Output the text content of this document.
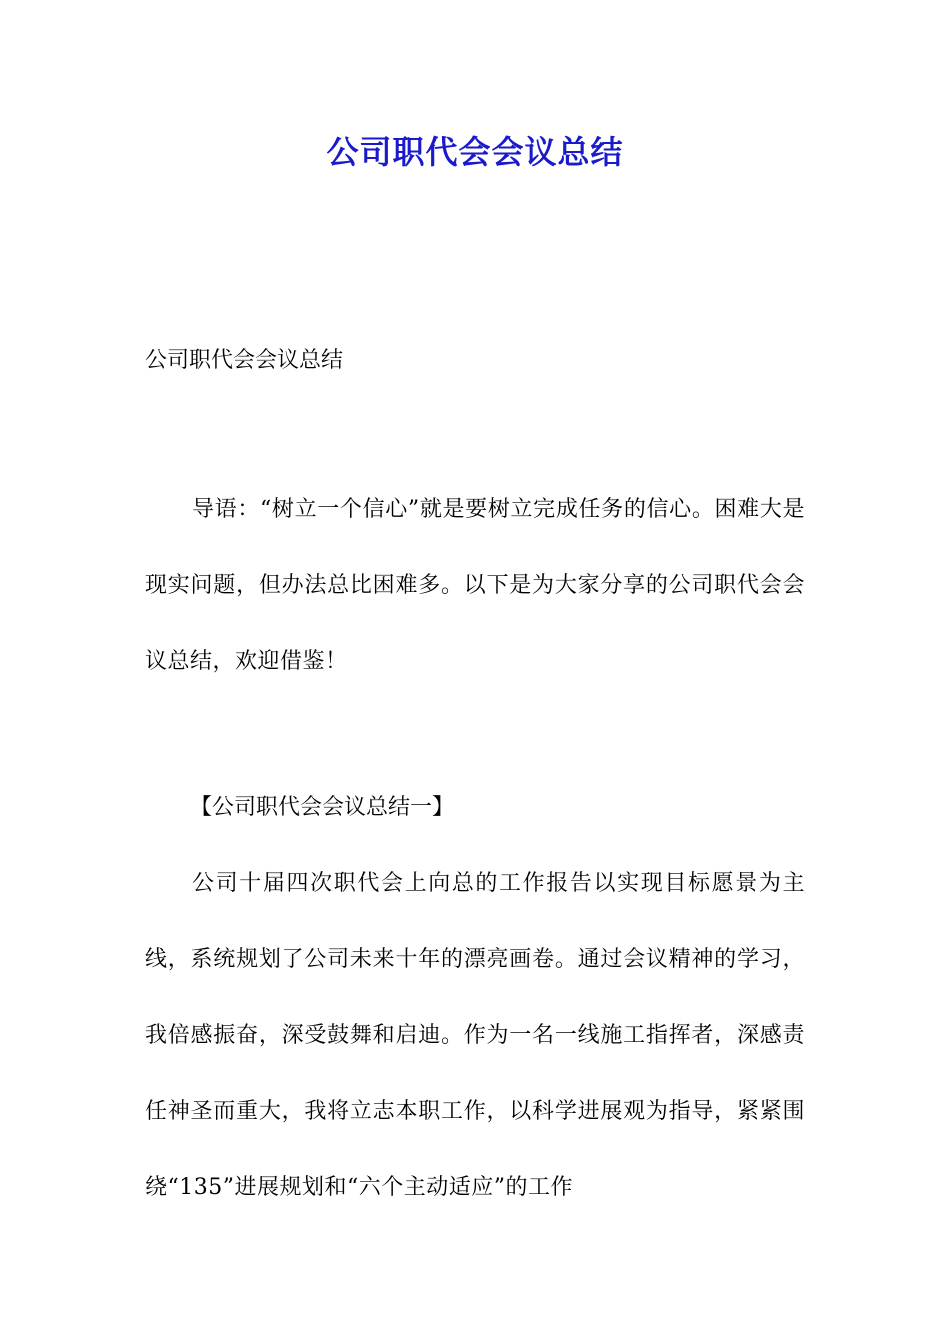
公司职代会会议总结
公司职代会会议总结
导语：“树立一个信心”就是要树立完成任务的信心。困难大是现实问题，但办法总比困难多。以下是为大家分享的公司职代会会议总结，欢迎借鉴！
【公司职代会会议总结一】
公司十届四次职代会上向总的工作报告以实现目标愿景为主线，系统规划了公司未来十年的漂亮画卷。通过会议精神的学习，我倍感振奋，深受鼓舞和启迪。作为一名一线施工指挥者，深感责任神圣而重大，我将立志本职工作，以科学进展观为指导，紧紧围绕“135”进展规划和“六个主动适应”的工作
